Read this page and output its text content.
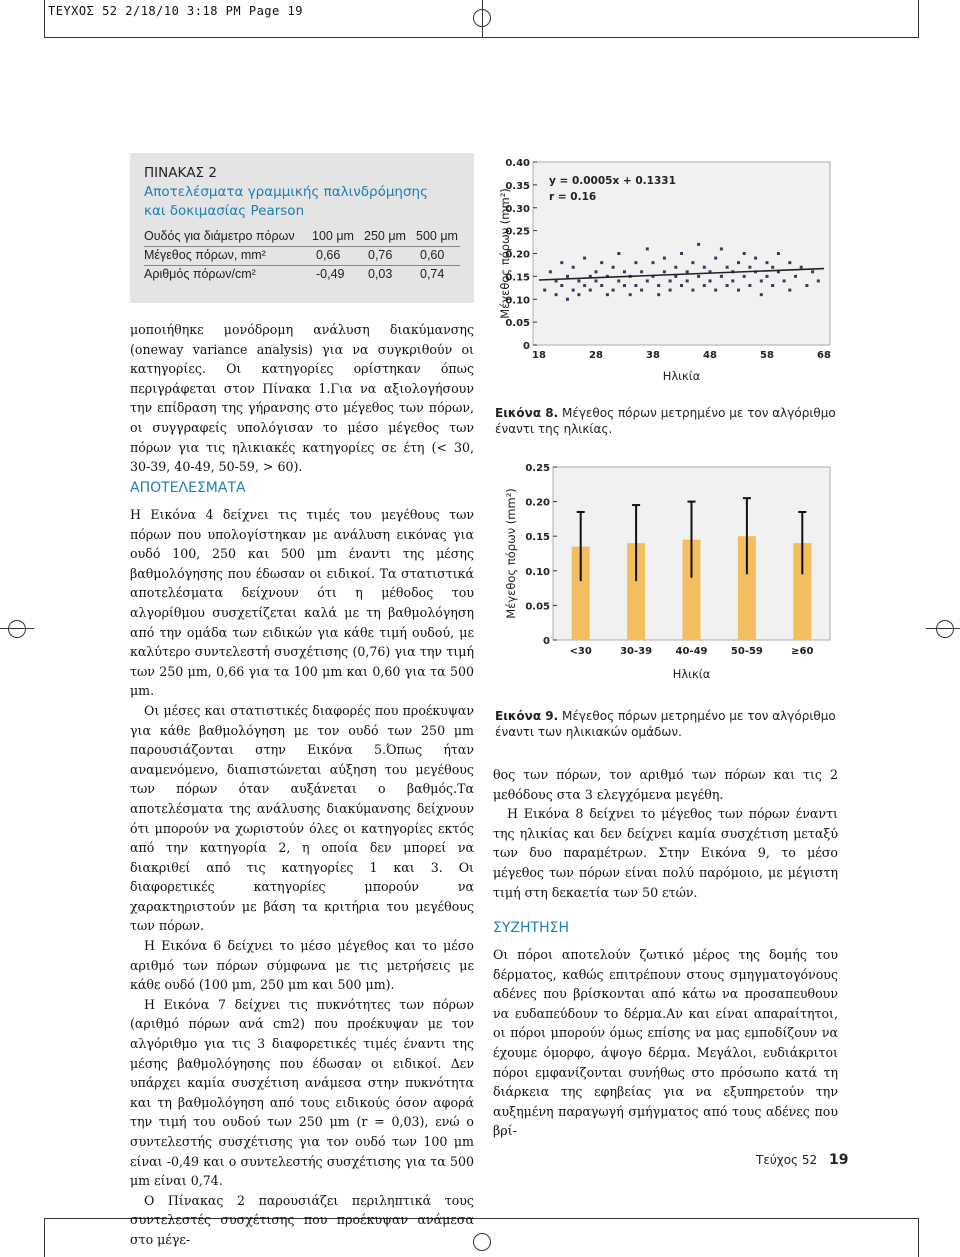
ΤΕΥΧΟΣ 52 2/18/10 3:18 PM Page 19
ΠΙΝΑΚΑΣ 2
Αποτελέσματα γραμμικής παλινδρόμησης
και δοκιμασίας Pearson
Ουδός για διάμετρο πόρων 100 μm 250 μm 500 μm
Μέγεθος πόρων, mm²	0,66 0,76 0,60
Αριθμός πόρων/cm²	-0,49 0,03 0,74

μοποιήθηκε μονόδρομη ανάλυση διακύμανσης (oneway variance analysis) για να συγκριθούν οι κατηγορίες. Οι κατηγορίες ορίστηκαν όπως περιγράφεται στον Πίνακα 1.Για να αξιολογήσουν την επίδραση της γήρανσης στο μέγεθος των πόρων, οι συγγραφείς υπολόγισαν το μέσο μέγεθος των πόρων για τις ηλικιακές κατηγορίες σε έτη (< 30, 30-39, 40-49, 50-59, > 60).

ΑΠΟΤΕΛΕΣΜΑΤΑ

Η Εικόνα 4 δείχνει τις τιμές του μεγέθους των πόρων που υπολογίστηκαν με ανάλυση εικόνας για ουδό 100, 250 και 500 μm έναντι της μέσης βαθμολόγησης που έδωσαν οι ειδικοί. Τα στατιστικά αποτελέσματα δείχνουν ότι η μέθοδος του αλγορίθμου συσχετίζεται καλά με τη βαθμολόγηση από την ομάδα των ειδικών για κάθε τιμή ουδού, με καλύτερο συντελεστή συσχέτισης (0,76) για την τιμή των 250 μm, 0,66 για τα 100 μm και 0,60 για τα 500 μm.

Οι μέσες και στατιστικές διαφορές που προέκυψαν για κάθε βαθμολόγηση με τον ουδό των 250 μm παρουσιάζονται στην Εικόνα 5.Όπως ήταν αναμενόμενο, διαπιστώνεται αύξηση του μεγέθους των πόρων όταν αυξάνεται ο βαθμός.Τα αποτελέσματα της ανάλυσης διακύμανσης δείχνουν ότι μπορούν να χωριστούν όλες οι κατηγορίες εκτός από την κατηγορία 2, η οποία δεν μπορεί να διακριθεί από τις κατηγορίες 1 και 3. Οι διαφορετικές κατηγορίες μπορούν να χαρακτηριστούν με βάση τα κριτήρια του μεγέθους των πόρων.

Η Εικόνα 6 δείχνει το μέσο μέγεθος και το μέσο αριθμό των πόρων σύμφωνα με τις μετρήσεις με κάθε ουδό (100 μm, 250 μm και 500 μm).

Η Εικόνα 7 δείχνει τις πυκνότητες των πόρων (αριθμό πόρων ανά cm2) που προέκυψαν με τον αλγόριθμο για τις 3 διαφορετικές τιμές έναντι της μέσης βαθμολόγησης που έδωσαν οι ειδικοί. Δεν υπάρχει καμία συσχέτιση ανάμεσα στην πυκνότητα και τη βαθμολόγηση από τους ειδικούς όσον αφορά την τιμή του ουδού των 250 μm (r = 0,03), ενώ ο συντελεστής συσχέτισης για τον ουδό των 100 μm είναι -0,49 και ο συντελεστής συσχέτισης για τα 500 μm είναι 0,74.

Ο Πίνακας 2 παρουσιάζει περιληπτικά τους συντελεστές συσχέτισης που προέκυψαν ανάμεσα στο μέγε-

0
0.05
0.10
0.15
0.20
0.25
0.30
0.35
0.40
18	28	38	48	58	68
y = 0.0005x + 0.1331
r = 0.16
Ηλικία
Μέγεθος πόρων (mm²)
Εικόνα 8. Μέγεθος πόρων μετρημένο με τον αλγόριθμο έναντι της ηλικίας.
0
0.05
0.10
0.15
0.20
0.25
<30	30-39 40-49 50-59	≥60
Ηλικία
Μέγεθος πόρων (mm²)
Εικόνα 9. Μέγεθος πόρων μετρημένο με τον αλγόριθμο έναντι των ηλικιακών ομάδων.

θος των πόρων, τον αριθμό των πόρων και τις 2 μεθόδους στα 3 ελεγχόμενα μεγέθη.

Η Εικόνα 8 δείχνει το μέγεθος των πόρων έναντι της ηλικίας και δεν δείχνει καμία συσχέτιση μεταξύ των δυο παραμέτρων. Στην Εικόνα 9, το μέσο μέγεθος των πόρων είναι πολύ παρόμοιο, με μέγιστη τιμή στη δεκαετία των 50 ετών.

ΣΥΖΗΤΗΣΗ

Οι πόροι αποτελούν ζωτικό μέρος της δομής του δέρματος, καθώς επιτρέπουν στους σμηγματογόνους αδένες που βρίσκονται από κάτω να προσαπευθουν να ευδαπεύδουν το δέρμα.Αν και είναι απαραίτητοι, οι πόροι μπορούν όμως επίσης να μας εμποδίζουν να έχουμε όμορφο, άψογο δέρμα. Μεγάλοι, ευδιάκριτοι πόροι εμφανίζονται συνήθως στο πρόσωπο κατά τη διάρκεια της εφηβείας για να εξυπηρετούν την αυξημένη παραγωγή σμήγματος από τους αδένες που βρί-

Τεύχος 52 19
